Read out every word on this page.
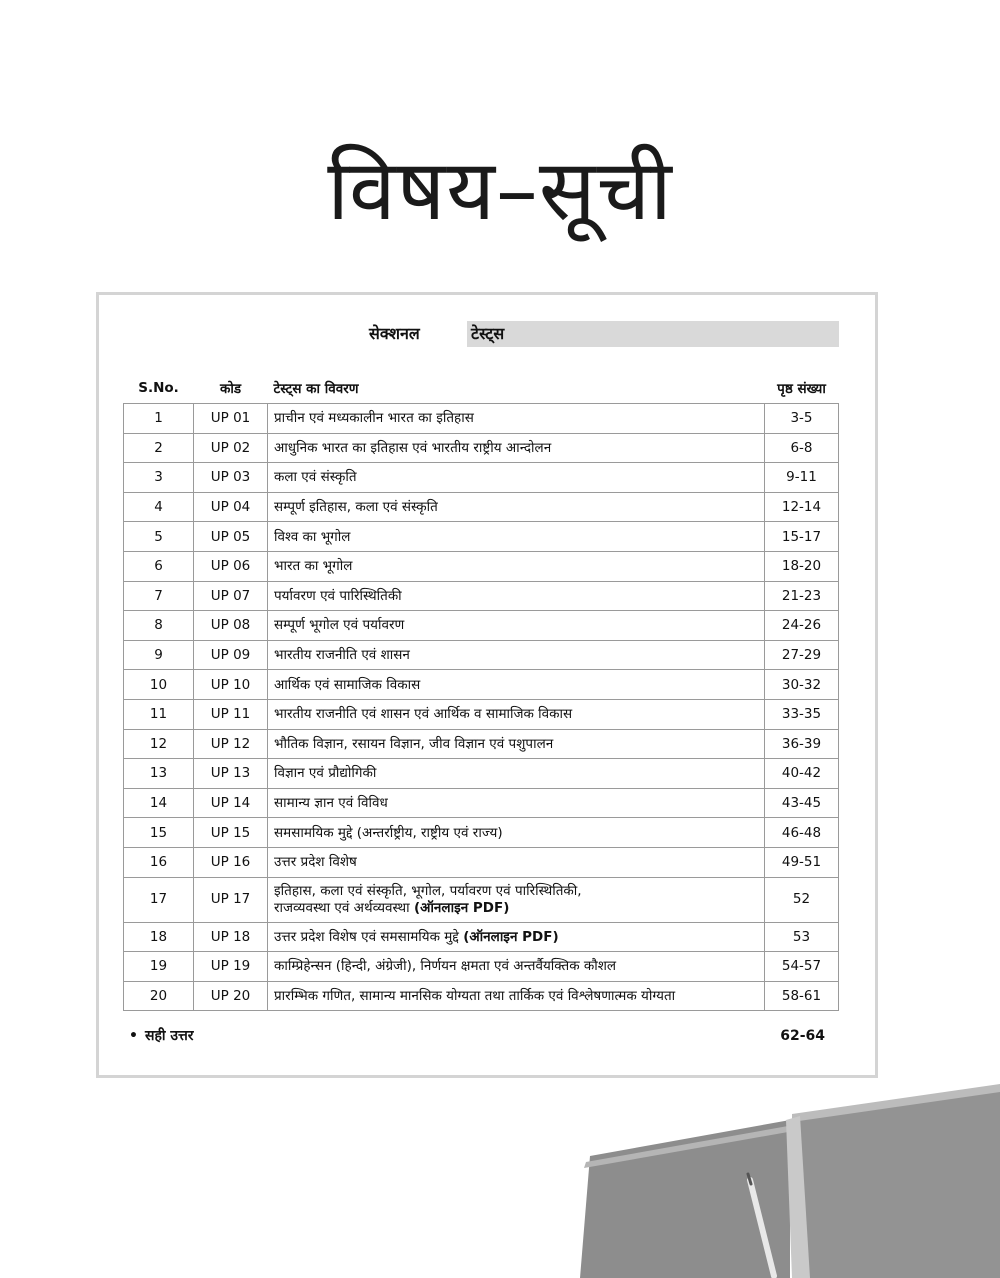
विषय–सूची
सेक्शनल	टेस्ट्स
S.No.	कोड	टेस्ट्स का विवरण	पृष्ठ संख्या
1	UP 01	प्राचीन एवं मध्यकालीन भारत का इतिहास	3-5
2	UP 02	आधुनिक भारत का इतिहास एवं भारतीय राष्ट्रीय आन्दोलन	6-8
3	UP 03	कला एवं संस्कृति	9-11
4	UP 04	सम्पूर्ण इतिहास, कला एवं संस्कृति	12-14
5	UP 05	विश्व का भूगोल	15-17
6	UP 06	भारत का भूगोल	18-20
7	UP 07	पर्यावरण एवं पारिस्थितिकी	21-23
8	UP 08	सम्पूर्ण भूगोल एवं पर्यावरण	24-26
9	UP 09	भारतीय राजनीति एवं शासन	27-29
10	UP 10	आर्थिक एवं सामाजिक विकास	30-32
11	UP 11	भारतीय राजनीति एवं शासन एवं आर्थिक व सामाजिक विकास	33-35
12	UP 12	भौतिक विज्ञान, रसायन विज्ञान, जीव विज्ञान एवं पशुपालन	36-39
13	UP 13	विज्ञान एवं प्रौद्योगिकी	40-42
14	UP 14	सामान्य ज्ञान एवं विविध	43-45
15	UP 15	समसामयिक मुद्दे (अन्तर्राष्ट्रीय, राष्ट्रीय एवं राज्य)	46-48
16	UP 16	उत्तर प्रदेश विशेष	49-51
17	UP 17	इतिहास, कला एवं संस्कृति, भूगोल, पर्यावरण एवं पारिस्थितिकी,
राजव्यवस्था एवं अर्थव्यवस्था (ऑनलाइन PDF)	52
18	UP 18	उत्तर प्रदेश विशेष एवं समसामयिक मुद्दे (ऑनलाइन PDF)	53
19	UP 19	काम्प्रिहेन्सन (हिन्दी, अंग्रेजी), निर्णयन क्षमता एवं अन्तर्वैयक्तिक कौशल	54-57
20	UP 20	प्रारम्भिक गणित, सामान्य मानसिक योग्यता तथा तार्किक एवं विश्लेषणात्मक योग्यता	58-61
• सही उत्तर	62-64
